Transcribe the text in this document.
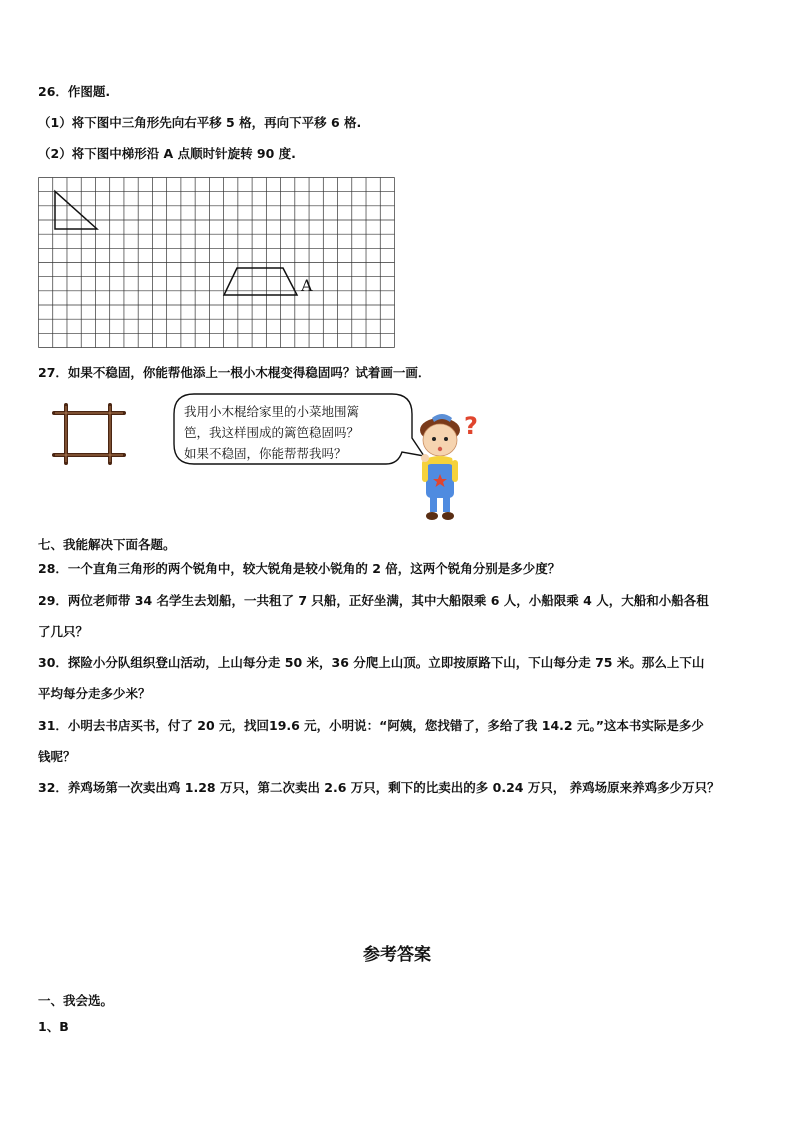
26．作图题.
（1）将下图中三角形先向右平移 5 格，再向下平移 6 格.
（2）将下图中梯形沿 A 点顺时针旋转 90 度.
A
27．如果不稳固，你能帮他添上一根小木棍变得稳固吗？试着画一画．
我用小木棍给家里的小菜地围篱
笆，我这样围成的篱笆稳固吗？
如果不稳固，你能帮帮我吗？
?
七、我能解决下面各题。
28．一个直角三角形的两个锐角中，较大锐角是较小锐角的 2 倍，这两个锐角分别是多少度？
29．两位老师带 34 名学生去划船，一共租了 7 只船，正好坐满，其中大船限乘 6 人，小船限乘 4 人，大船和小船各租
了几只？
30．探险小分队组织登山活动，上山每分走 50 米，36 分爬上山顶。立即按原路下山，下山每分走 75 米。那么上下山
平均每分走多少米？
31．小明去书店买书，付了 20 元，找回19.6 元，小明说：“阿姨，您找错了，多给了我 14.2 元。”这本书实际是多少
钱呢？
32．养鸡场第一次卖出鸡 1.28 万只，第二次卖出 2.6 万只，剩下的比卖出的多 0.24 万只， 养鸡场原来养鸡多少万只？
参考答案
一、我会选。
1、B
